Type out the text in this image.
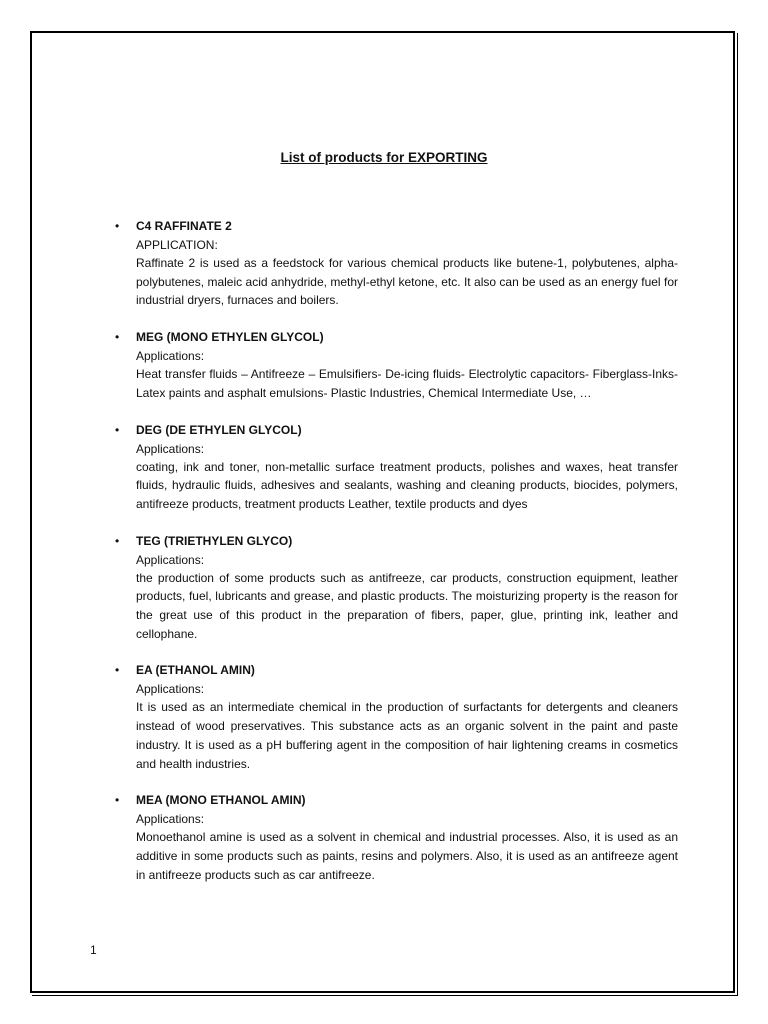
List of products for EXPORTING
• C4 RAFFINATE 2
APPLICATION:

Raffinate 2 is used as a feedstock for various chemical products like butene-1, polybutenes, alpha-polybutenes, maleic acid anhydride, methyl-ethyl ketone, etc. It also can be used as an energy fuel for industrial dryers, furnaces and boilers.

• MEG (MONO ETHYLEN GLYCOL)
Applications:

Heat transfer fluids – Antifreeze – Emulsifiers- De-icing fluids- Electrolytic capacitors- Fiberglass-Inks- Latex paints and asphalt emulsions- Plastic Industries, Chemical Intermediate Use, …

• DEG (DE ETHYLEN GLYCOL)
Applications:

coating, ink and toner, non-metallic surface treatment products, polishes and waxes, heat transfer fluids, hydraulic fluids, adhesives and sealants, washing and cleaning products, biocides, polymers, antifreeze products, treatment products Leather, textile products and dyes

• TEG (TRIETHYLEN GLYCO)
Applications:

the production of some products such as antifreeze, car products, construction equipment, leather products, fuel, lubricants and grease, and plastic products. The moisturizing property is the reason for the great use of this product in the preparation of fibers, paper, glue, printing ink, leather and cellophane.

• EA (ETHANOL AMIN)
Applications:

It is used as an intermediate chemical in the production of surfactants for detergents and cleaners instead of wood preservatives. This substance acts as an organic solvent in the paint and paste industry. It is used as a pH buffering agent in the composition of hair lightening creams in cosmetics and health industries.

• MEA (MONO ETHANOL AMIN)
Applications:

Monoethanol amine is used as a solvent in chemical and industrial processes. Also, it is used as an additive in some products such as paints, resins and polymers. Also, it is used as an antifreeze agent in antifreeze products such as car antifreeze.

1
